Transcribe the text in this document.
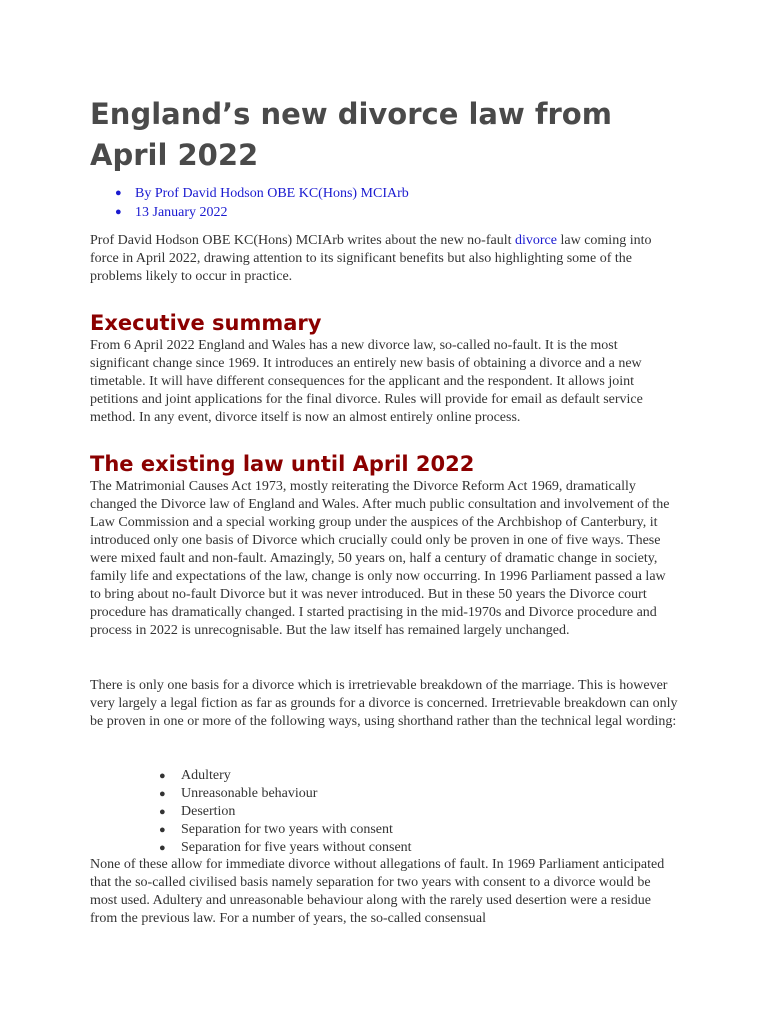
England’s new divorce law from April 2022
● By Prof David Hodson OBE KC(Hons) MCIArb
● 13 January 2022

Prof David Hodson OBE KC(Hons) MCIArb writes about the new no-fault divorce law coming into force in April 2022, drawing attention to its significant benefits but also highlighting some of the problems likely to occur in practice.

Executive summary

From 6 April 2022 England and Wales has a new divorce law, so-called no-fault. It is the most significant change since 1969. It introduces an entirely new basis of obtaining a divorce and a new timetable. It will have different consequences for the applicant and the respondent. It allows joint petitions and joint applications for the final divorce. Rules will provide for email as default service method. In any event, divorce itself is now an almost entirely online process.

The existing law until April 2022

The Matrimonial Causes Act 1973, mostly reiterating the Divorce Reform Act 1969, dramatically changed the Divorce law of England and Wales. After much public consultation and involvement of the Law Commission and a special working group under the auspices of the Archbishop of Canterbury, it introduced only one basis of Divorce which crucially could only be proven in one of five ways. These were mixed fault and non-fault. Amazingly, 50 years on, half a century of dramatic change in society, family life and expectations of the law, change is only now occurring. In 1996 Parliament passed a law to bring about no-fault Divorce but it was never introduced. But in these 50 years the Divorce court procedure has dramatically changed. I started practising in the mid-1970s and Divorce procedure and process in 2022 is unrecognisable. But the law itself has remained largely unchanged.

There is only one basis for a divorce which is irretrievable breakdown of the marriage. This is however very largely a legal fiction as far as grounds for a divorce is concerned. Irretrievable breakdown can only be proven in one or more of the following ways, using shorthand rather than the technical legal wording:

● Adultery
● Unreasonable behaviour
● Desertion
● Separation for two years with consent
● Separation for five years without consent

None of these allow for immediate divorce without allegations of fault. In 1969 Parliament anticipated that the so-called civilised basis namely separation for two years with consent to a divorce would be most used. Adultery and unreasonable behaviour along with the rarely used desertion were a residue from the previous law. For a number of years, the so-called consensual
